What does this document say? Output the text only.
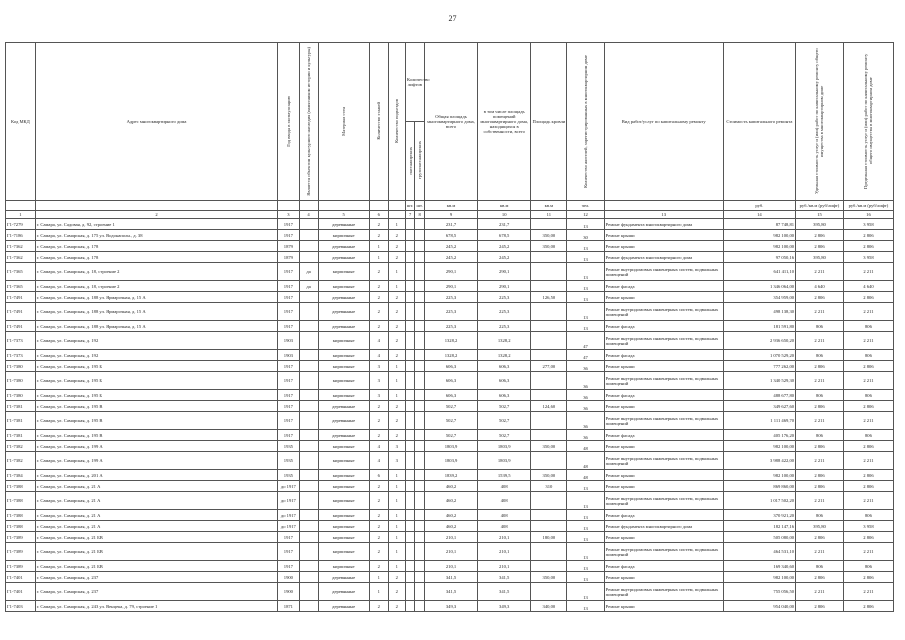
27
Код МКД	Адрес многоквартирного дома	Год ввода в эксплуатацию	Является объектом культурного наследия (памятником истории и культуры)	Материал стен	Количество этажей	Количество подъездов	Количество лифтов		Общая площадь многоквартирного дома, всего	в том числе площадь помещений многоквартирного дома, находящихся в собственности, всего	Площадь кровли	Количество жителей, зарегистрированных в многоквартирном доме	Вид работ/услуг по капитальному ремонту	Стоимость капитального ремонта	Удельная стоимость услуг и (или) работ по капитальному ремонту общего имущества в многоквартирном доме	Предельная стоимость услуг и (или) работ по капитальному ремонту общего имущества в многоквартирном доме
							пассажирских	грузопассажирских								
							шт.	шт.	кв.м	кв.м	кв.м	чел.		руб.	руб./кв.м (руб/лифт)	руб./кв.м (руб/лифт)
1	2	3	4	5	6		7	8	9	10	11	12	13	14	15	16
Г1-7279	г. Самара, ул. Садовая, д. 92, строение 1	1917		деревянные	2	1			231,7	231,7		13	Ремонт фундамента многоквартирного дома	87 748,81	395,80	3 958
Г1-7186	г. Самара, ул. Самарская, д. 175 ул. Водонаполн., д. 38	1917		кирпичные	2	2			678,5	678,5	350,00	30	Ремонт крыши	982 100,00	2 806	2 806
Г1-7362	г. Самара, ул. Самарская, д. 178	1879		деревянные	1	2			245,2	245,2	350,00	13	Ремонт крыши	982 100,00	2 806	2 806
Г1-7362	г. Самара, ул. Самарская, д. 178	1879		деревянные	1	2			245,2	245,2		13	Ремонт фундамента многоквартирного дома	97 050,16	395,80	3 958
Г1-7365	г. Самара, ул. Самарская, д. 18, строение 2	1917	да	кирпичные	2	1			290,1	290,1		13	Ремонт внутридомовых инженерных систем, подвальных помещений	641 411,10	2 211	2 211
Г1-7365	г. Самара, ул. Самарская, д. 18, строение 2	1917	да	кирпичные	2	1			290,1	290,1		13	Ремонт фасада	1 346 064,00	4 640	4 640
Г1-7491	г. Самара, ул. Самарская, д. 188 ул. Ярмарочная, д. 15 А	1917		деревянные	2	2			225,3	225,3	126,50	13	Ремонт крыши	354 959,00	2 806	2 806
Г1-7491	г. Самара, ул. Самарская, д. 188 ул. Ярмарочная, д. 15 А	1917		деревянные	2	2			225,3	225,3		13	Ремонт внутридомовых инженерных систем, подвальных помещений	498 138,30	2 211	2 211
Г1-7491	г. Самара, ул. Самарская, д. 188 ул. Ярмарочная, д. 15 А	1917		деревянные	2	2			225,3	225,3		13	Ремонт фасада	181 591,80	806	806
Г1-7373	г. Самара, ул. Самарская, д. 192	1903		кирпичные	4	2			1328,2	1328,2		47	Ремонт внутридомовых инженерных систем, подвальных помещений	2 936 650,20	2 211	2 211
Г1-7373	г. Самара, ул. Самарская, д. 192	1903		кирпичные	4	2			1328,2	1328,2		47	Ремонт фасада	1 070 529,20	806	806
Г1-7380	г. Самара, ул. Самарская, д. 195 Б	1917		кирпичные	3	1			606,3	606,3	277,00	36	Ремонт крыши	777 262,00	2 806	2 806
Г1-7380	г. Самара, ул. Самарская, д. 195 Б	1917		кирпичные	3	1			606,3	606,3		36	Ремонт внутридомовых инженерных систем, подвальных помещений	1 340 529,30	2 211	2 211
Г1-7380	г. Самара, ул. Самарская, д. 195 Б	1917		кирпичные	3	1			606,3	606,3		36	Ремонт фасада	488 677,80	806	806
Г1-7381	г. Самара, ул. Самарская, д. 195 В	1917		деревянные	2	2			502,7	502,7	124,60	36	Ремонт крыши	349 627,60	2 806	2 806
Г1-7381	г. Самара, ул. Самарская, д. 195 В	1917		деревянные	2	2			502,7	502,7		36	Ремонт внутридомовых инженерных систем, подвальных помещений	1 111 469,70	2 211	2 211
Г1-7381	г. Самара, ул. Самарская, д. 195 В	1917		деревянные	2	2			502,7	502,7		36	Ремонт фасада	405 176,20	806	806
Г1-7382	г. Самара, ул. Самарская, д. 199 А	1935		кирпичные	4	3			1803,9	1803,9	350,00	48	Ремонт крыши	982 100,00	2 806	2 806
Г1-7382	г. Самара, ул. Самарская, д. 199 А	1935		кирпичные	4	3			1803,9	1803,9		48	Ремонт внутридомовых инженерных систем, подвальных помещений	3 988 422,00	2 211	2 211
Г1-7384	г. Самара, ул. Самарская, д. 201 А	1935		кирпичные	6	1			1839,2	1539,5	350,00	48	Ремонт крыши	982 100,00	2 806	2 806
Г1-7388	г. Самара, ул. Самарская, д. 21 А	до 1917		кирпичные	2	1			460,2	408	310	13	Ремонт крыши	869 860,00	2 806	2 806
Г1-7388	г. Самара, ул. Самарская, д. 21 А	до 1917		кирпичные	2	1			460,2	408		13	Ремонт внутридомовых инженерных систем, подвальных помещений	1 017 502,20	2 211	2 211
Г1-7388	г. Самара, ул. Самарская, д. 21 А	до 1917		кирпичные	2	1			460,2	408		13	Ремонт фасада	370 921,20	806	806
Г1-7388	г. Самара, ул. Самарская, д. 21 А	до 1917		кирпичные	2	1			460,2	408		13	Ремонт фундамента многоквартирного дома	182 147,16	395,80	3 958
Г1-7389	г. Самара, ул. Самарская, д. 21 БВ	1917		кирпичные	2	1			210,1	210,1	180,00	13	Ремонт крыши	505 080,00	2 806	2 806
Г1-7389	г. Самара, ул. Самарская, д. 21 БВ	1917		кирпичные	2	1			210,1	210,1		13	Ремонт внутридомовых инженерных систем, подвальных помещений	464 531,10	2 211	2 211
Г1-7389	г. Самара, ул. Самарская, д. 21 БВ	1917		кирпичные	2	1			210,1	210,1		13	Ремонт фасада	169 340,60	806	806
Г1-7401	г. Самара, ул. Самарская, д. 237	1900		деревянные	1	2			341,5	341,5	350,00	13	Ремонт крыши	982 100,00	2 806	2 806
Г1-7401	г. Самара, ул. Самарская, д. 237	1900		деревянные	1	2			341,5	341,5		13	Ремонт внутридомовых инженерных систем, подвальных помещений	755 056,50	2 211	2 211
Г1-7403	г. Самара, ул. Самарская, д. 243 ул. Венцека, д. 79, строение 1	1871		деревянные	2	2			349,3	349,3	340,00	13	Ремонт крыши	954 040,00	2 806	2 806
